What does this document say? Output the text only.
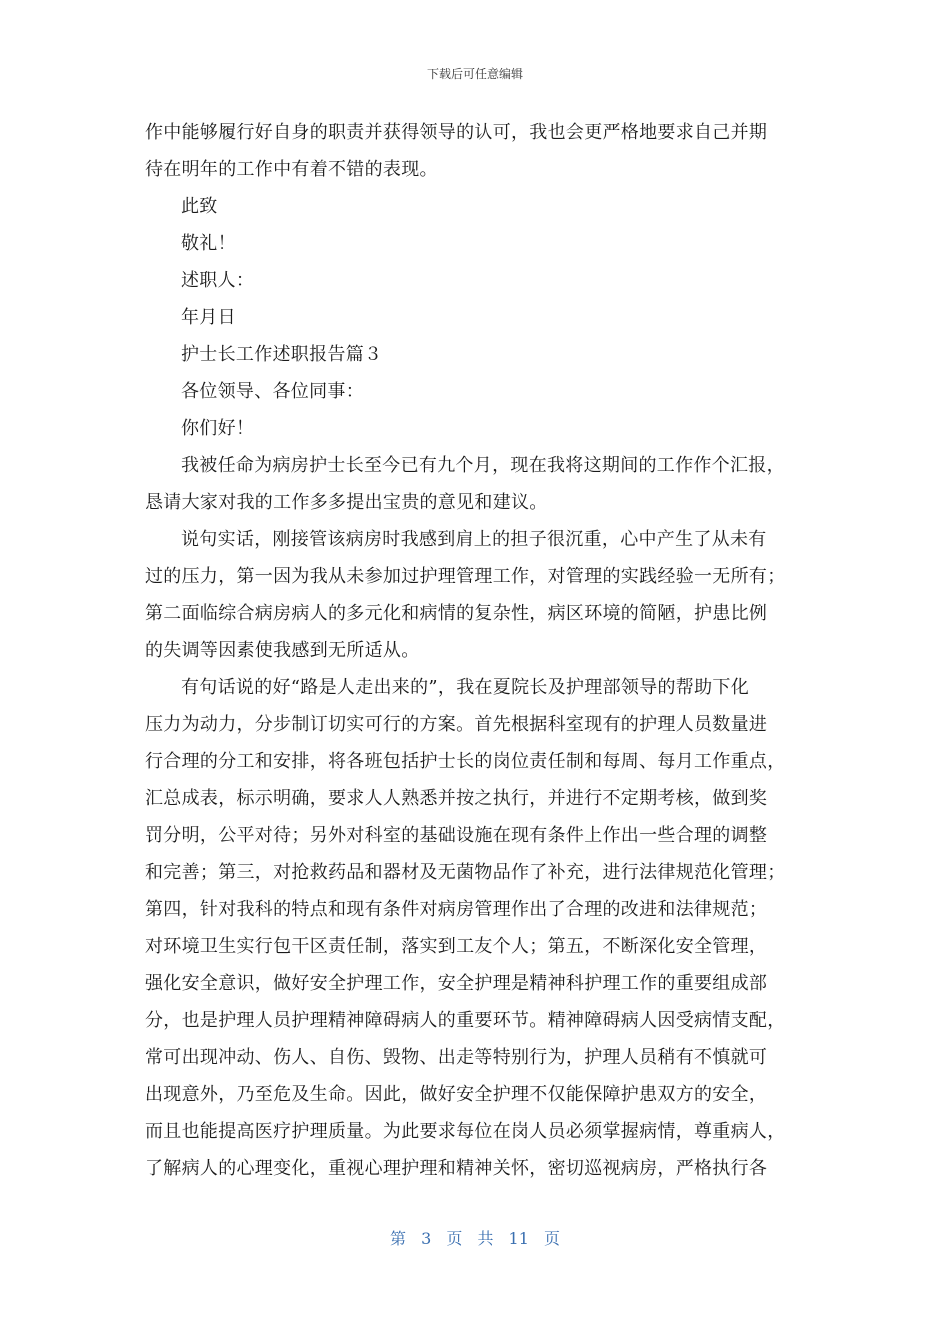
下载后可任意编辑
作中能够履行好自身的职责并获得领导的认可，我也会更严格地要求自己并期
待在明年的工作中有着不错的表现。
此致
敬礼！
述职人：
年月日
护士长工作述职报告篇３
各位领导、各位同事：
你们好！
我被任命为病房护士长至今已有九个月，现在我将这期间的工作作个汇报，
恳请大家对我的工作多多提出宝贵的意见和建议。
说句实话，刚接管该病房时我感到肩上的担子很沉重，心中产生了从未有
过的压力，第一因为我从未参加过护理管理工作，对管理的实践经验一无所有；
第二面临综合病房病人的多元化和病情的复杂性，病区环境的简陋，护患比例
的失调等因素使我感到无所适从。
有句话说的好“路是人走出来的”，我在夏院长及护理部领导的帮助下化
压力为动力，分步制订切实可行的方案。首先根据科室现有的护理人员数量进
行合理的分工和安排，将各班包括护士长的岗位责任制和每周、每月工作重点，
汇总成表，标示明确，要求人人熟悉并按之执行，并进行不定期考核，做到奖
罚分明，公平对待；另外对科室的基础设施在现有条件上作出一些合理的调整
和完善；第三，对抢救药品和器材及无菌物品作了补充，进行法律规范化管理；
第四，针对我科的特点和现有条件对病房管理作出了合理的改进和法律规范；
对环境卫生实行包干区责任制，落实到工友个人；第五，不断深化安全管理，
强化安全意识，做好安全护理工作，安全护理是精神科护理工作的重要组成部
分，也是护理人员护理精神障碍病人的重要环节。精神障碍病人因受病情支配，
常可出现冲动、伤人、自伤、毁物、出走等特别行为，护理人员稍有不慎就可
出现意外，乃至危及生命。因此，做好安全护理不仅能保障护患双方的安全，
而且也能提高医疗护理质量。为此要求每位在岗人员必须掌握病情，尊重病人，
了解病人的心理变化，重视心理护理和精神关怀，密切巡视病房，严格执行各
第 3 页 共 11 页
